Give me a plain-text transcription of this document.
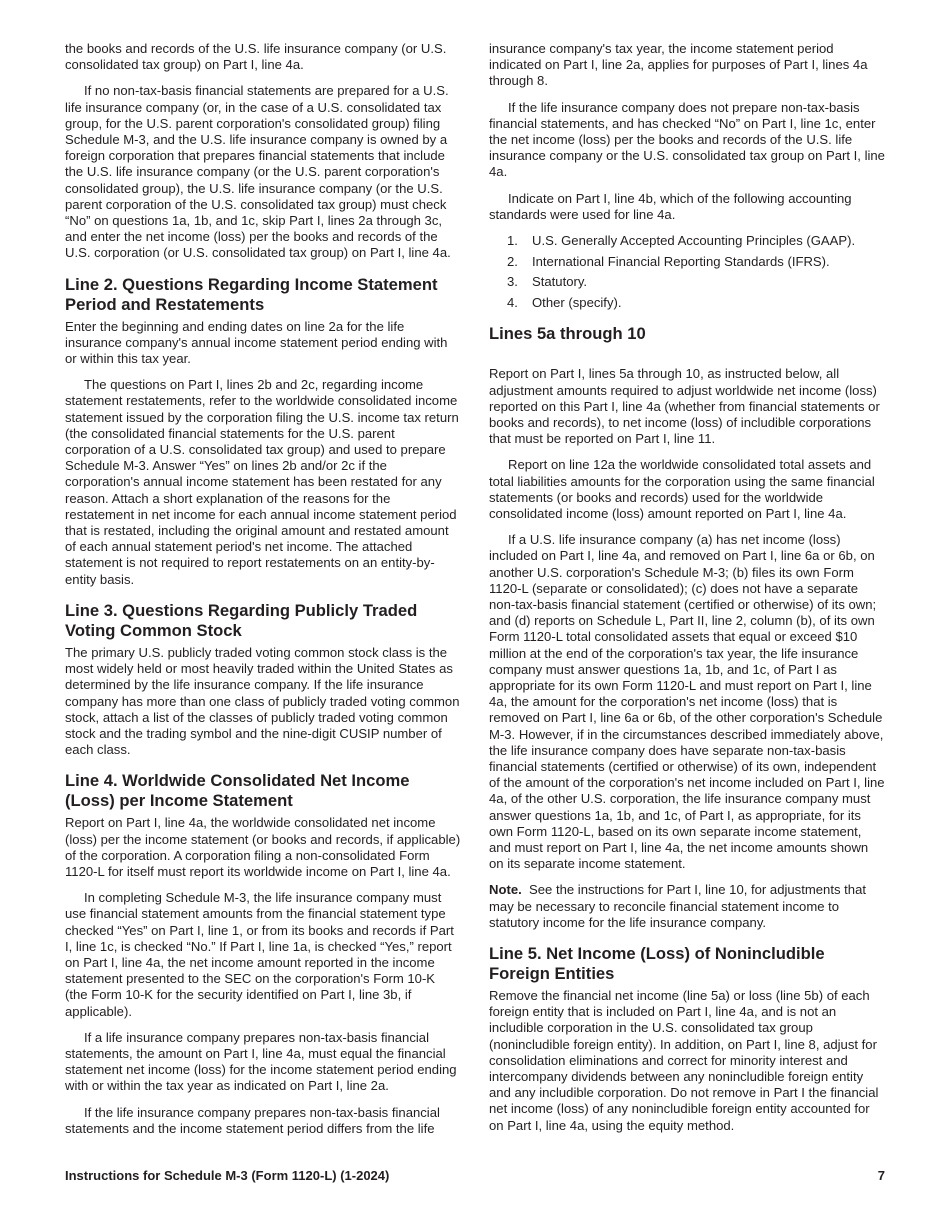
the books and records of the U.S. life insurance company (or U.S. consolidated tax group) on Part I, line 4a.

If no non-tax-basis financial statements are prepared for a U.S. life insurance company (or, in the case of a U.S. consolidated tax group, for the U.S. parent corporation's consolidated group) filing Schedule M-3, and the U.S. life insurance company is owned by a foreign corporation that prepares financial statements that include the U.S. life insurance company (or the U.S. parent corporation's consolidated group), the U.S. life insurance company (or the U.S. parent corporation of the U.S. consolidated tax group) must check “No” on questions 1a, 1b, and 1c, skip Part I, lines 2a through 3c, and enter the net income (loss) per the books and records of the U.S. corporation (or U.S. consolidated tax group) on Part I, line 4a.

Line 2. Questions Regarding Income Statement Period and Restatements

Enter the beginning and ending dates on line 2a for the life insurance company's annual income statement period ending with or within this tax year.

The questions on Part I, lines 2b and 2c, regarding income statement restatements, refer to the worldwide consolidated income statement issued by the corporation filing the U.S. income tax return (the consolidated financial statements for the U.S. parent corporation of a U.S. consolidated tax group) and used to prepare Schedule M-3. Answer “Yes” on lines 2b and/or 2c if the corporation's annual income statement has been restated for any reason. Attach a short explanation of the reasons for the restatement in net income for each annual income statement period that is restated, including the original amount and restated amount of each annual statement period's net income. The attached statement is not required to report restatements on an entity-by-entity basis.

Line 3. Questions Regarding Publicly Traded Voting Common Stock

The primary U.S. publicly traded voting common stock class is the most widely held or most heavily traded within the United States as determined by the life insurance company. If the life insurance company has more than one class of publicly traded voting common stock, attach a list of the classes of publicly traded voting common stock and the trading symbol and the nine-digit CUSIP number of each class.

Line 4. Worldwide Consolidated Net Income (Loss) per Income Statement

Report on Part I, line 4a, the worldwide consolidated net income (loss) per the income statement (or books and records, if applicable) of the corporation. A corporation filing a non-consolidated Form 1120-L for itself must report its worldwide income on Part I, line 4a.

In completing Schedule M-3, the life insurance company must use financial statement amounts from the financial statement type checked “Yes” on Part I, line 1, or from its books and records if Part I, line 1c, is checked “No.” If Part I, line 1a, is checked “Yes,” report on Part I, line 4a, the net income amount reported in the income statement presented to the SEC on the corporation's Form 10-K (the Form 10-K for the security identified on Part I, line 3b, if applicable).

If a life insurance company prepares non-tax-basis financial statements, the amount on Part I, line 4a, must equal the financial statement net income (loss) for the income statement period ending with or within the tax year as indicated on Part I, line 2a.

If the life insurance company prepares non-tax-basis financial statements and the income statement period differs from the life

insurance company's tax year, the income statement period indicated on Part I, line 2a, applies for purposes of Part I, lines 4a through 8.

If the life insurance company does not prepare non-tax-basis financial statements, and has checked “No” on Part I, line 1c, enter the net income (loss) per the books and records of the U.S. life insurance company or the U.S. consolidated tax group on Part I, line 4a.

Indicate on Part I, line 4b, which of the following accounting standards were used for line 4a.

1. U.S. Generally Accepted Accounting Principles (GAAP).
2. International Financial Reporting Standards (IFRS).
3. Statutory.
4. Other (specify).
Lines 5a through 10

Report on Part I, lines 5a through 10, as instructed below, all adjustment amounts required to adjust worldwide net income (loss) reported on this Part I, line 4a (whether from financial statements or books and records), to net income (loss) of includible corporations that must be reported on Part I, line 11.

Report on line 12a the worldwide consolidated total assets and total liabilities amounts for the corporation using the same financial statements (or books and records) used for the worldwide consolidated income (loss) amount reported on Part I, line 4a.

If a U.S. life insurance company (a) has net income (loss) included on Part I, line 4a, and removed on Part I, line 6a or 6b, on another U.S. corporation's Schedule M-3; (b) files its own Form 1120-L (separate or consolidated); (c) does not have a separate non-tax-basis financial statement (certified or otherwise) of its own; and (d) reports on Schedule L, Part II, line 2, column (b), of its own Form 1120-L total consolidated assets that equal or exceed $10 million at the end of the corporation's tax year, the life insurance company must answer questions 1a, 1b, and 1c, of Part I as appropriate for its own Form 1120-L and must report on Part I, line 4a, the amount for the corporation's net income (loss) that is removed on Part I, line 6a or 6b, of the other corporation's Schedule M-3. However, if in the circumstances described immediately above, the life insurance company does have separate non-tax-basis financial statements (certified or otherwise) of its own, independent of the amount of the corporation's net income included on Part I, line 4a, of the other U.S. corporation, the life insurance company must answer questions 1a, 1b, and 1c, of Part I, as appropriate, for its own Form 1120-L, based on its own separate income statement, and must report on Part I, line 4a, the net income amounts shown on its separate income statement.

Note. See the instructions for Part I, line 10, for adjustments that may be necessary to reconcile financial statement income to statutory income for the life insurance company.

Line 5. Net Income (Loss) of Nonincludible Foreign Entities

Remove the financial net income (line 5a) or loss (line 5b) of each foreign entity that is included on Part I, line 4a, and is not an includible corporation in the U.S. consolidated tax group (nonincludible foreign entity). In addition, on Part I, line 8, adjust for consolidation eliminations and correct for minority interest and intercompany dividends between any nonincludible foreign entity and any includible corporation. Do not remove in Part I the financial net income (loss) of any nonincludible foreign entity accounted for on Part I, line 4a, using the equity method.

Instructions for Schedule M-3 (Form 1120-L) (1-2024)	7
